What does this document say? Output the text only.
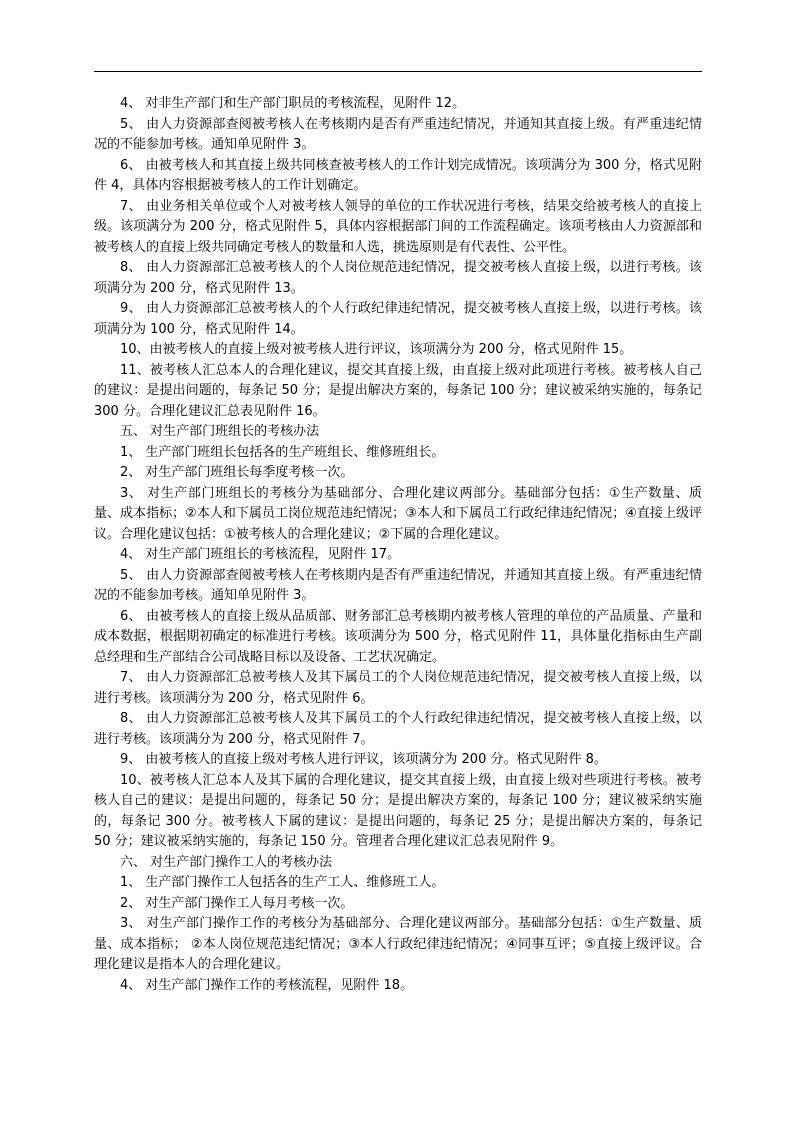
4、 对非生产部门和生产部门职员的考核流程，见附件 12。

5、 由人力资源部查阅被考核人在考核期内是否有严重违纪情况，并通知其直接上级。有严重违纪情况的不能参加考核。通知单见附件 3。

6、 由被考核人和其直接上级共同核查被考核人的工作计划完成情况。该项满分为 300 分，格式见附件 4，具体内容根据被考核人的工作计划确定。

7、 由业务相关单位或个人对被考核人领导的单位的工作状况进行考核，结果交给被考核人的直接上级。该项满分为 200 分，格式见附件 5，具体内容根据部门间的工作流程确定。该项考核由人力资源部和被考核人的直接上级共同确定考核人的数量和人选，挑选原则是有代表性、公平性。

8、 由人力资源部汇总被考核人的个人岗位规范违纪情况，提交被考核人直接上级，以进行考核。该项满分为 200 分，格式见附件 13。

9、 由人力资源部汇总被考核人的个人行政纪律违纪情况，提交被考核人直接上级，以进行考核。该项满分为 100 分，格式见附件 14。

10、由被考核人的直接上级对被考核人进行评议，该项满分为 200 分，格式见附件 15。

11、被考核人汇总本人的合理化建议，提交其直接上级，由直接上级对此项进行考核。被考核人自己的建议：是提出问题的，每条记 50 分；是提出解决方案的，每条记 100 分；建议被采纳实施的，每条记 300 分。合理化建议汇总表见附件 16。

五、 对生产部门班组长的考核办法

1、 生产部门班组长包括各的生产班组长、维修班组长。

2、 对生产部门班组长每季度考核一次。

3、 对生产部门班组长的考核分为基础部分、合理化建议两部分。基础部分包括：①生产数量、质量、成本指标；②本人和下属员工岗位规范违纪情况；③本人和下属员工行政纪律违纪情况；④直接上级评议。合理化建议包括：①被考核人的合理化建议；②下属的合理化建议。

4、 对生产部门班组长的考核流程，见附件 17。

5、 由人力资源部查阅被考核人在考核期内是否有严重违纪情况，并通知其直接上级。有严重违纪情况的不能参加考核。通知单见附件 3。

6、 由被考核人的直接上级从品质部、财务部汇总考核期内被考核人管理的单位的产品质量、产量和成本数据，根据期初确定的标准进行考核。该项满分为 500 分，格式见附件 11，具体量化指标由生产副总经理和生产部结合公司战略目标以及设备、工艺状况确定。

7、 由人力资源部汇总被考核人及其下属员工的个人岗位规范违纪情况，提交被考核人直接上级，以进行考核。该项满分为 200 分，格式见附件 6。

8、 由人力资源部汇总被考核人及其下属员工的个人行政纪律违纪情况，提交被考核人直接上级，以进行考核。该项满分为 200 分，格式见附件 7。

9、 由被考核人的直接上级对考核人进行评议，该项满分为 200 分。格式见附件 8。

10、被考核人汇总本人及其下属的合理化建议，提交其直接上级，由直接上级对些项进行考核。被考核人自己的建议：是提出问题的，每条记 50 分；是提出解决方案的，每条记 100 分；建议被采纳实施的，每条记 300 分。被考核人下属的建议：是提出问题的，每条记 25 分；是提出解决方案的，每条记 50 分；建议被采纳实施的，每条记 150 分。管理者合理化建议汇总表见附件 9。

六、 对生产部门操作工人的考核办法

1、 生产部门操作工人包括各的生产工人、维修班工人。

2、 对生产部门操作工人每月考核一次。

3、 对生产部门操作工作的考核分为基础部分、合理化建议两部分。基础部分包括：①生产数量、质量、成本指标； ②本人岗位规范违纪情况；③本人行政纪律违纪情况；④同事互评；⑤直接上级评议。合理化建议是指本人的合理化建议。

4、 对生产部门操作工作的考核流程，见附件 18。
